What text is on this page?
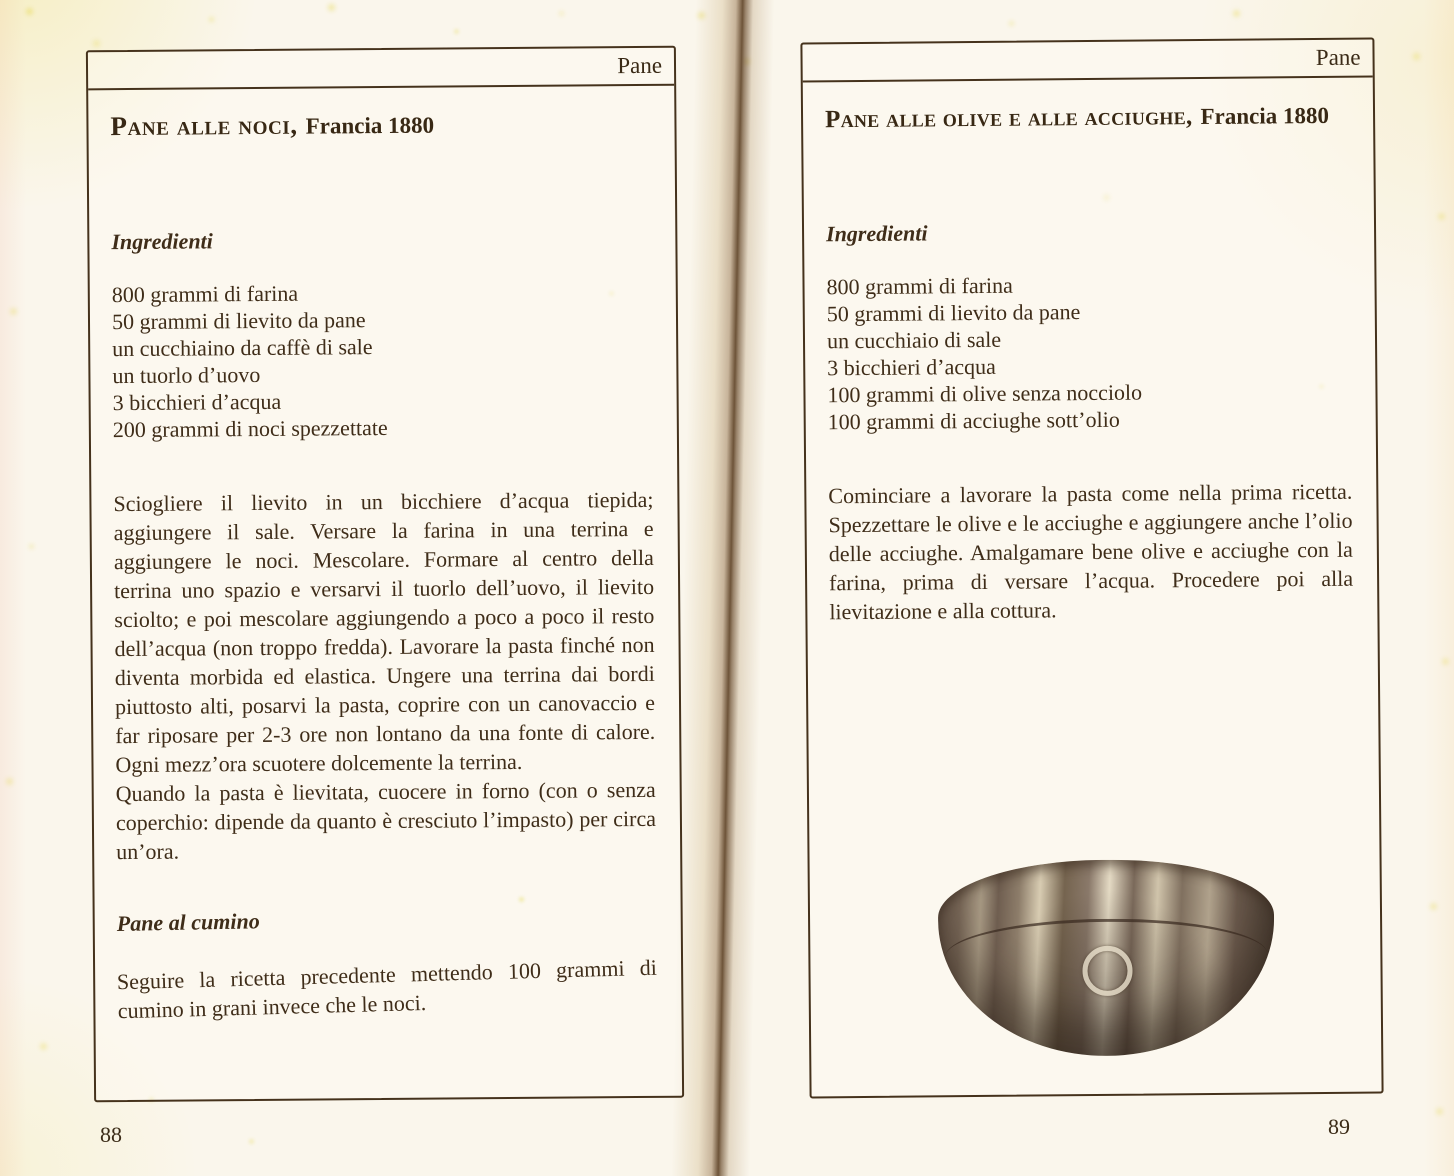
Pane
Pane alle noci, Francia 1880

Ingredienti

800 grammi di farina
50 grammi di lievito da pane
un cucchiaino da caffè di sale
un tuorlo d’uovo
3 bicchieri d’acqua
200 grammi di noci spezzettate

Sciogliere il lievito in un bicchiere d’acqua tiepida; aggiungere il sale. Versare la farina in una terrina e aggiungere le noci. Mescolare. Formare al centro della terrina uno spazio e versarvi il tuorlo dell’uovo, il lievito sciolto; e poi mescolare aggiungendo a poco a poco il resto dell’acqua (non troppo fredda). Lavorare la pasta finché non diventa morbida ed elastica. Ungere una terrina dai bordi piuttosto alti, posarvi la pasta, coprire con un canovaccio e far riposare per 2-3 ore non lontano da una fonte di calore. Ogni mezz’ora scuotere dolcemente la terrina.

Quando la pasta è lievitata, cuocere in forno (con o senza coperchio: dipende da quanto è cresciuto l’impasto) per circa un’ora.

Pane al cumino

Seguire la ricetta precedente mettendo 100 grammi di cumino in grani invece che le noci.

88
Pane
Pane alle olive e alle acciughe, Francia 1880

Ingredienti

800 grammi di farina
50 grammi di lievito da pane
un cucchiaio di sale
3 bicchieri d’acqua
100 grammi di olive senza nocciolo
100 grammi di acciughe sott’olio

Cominciare a lavorare la pasta come nella prima ricetta. Spezzettare le olive e le acciughe e aggiungere anche l’olio delle acciughe. Amalgamare bene olive e acciughe con la farina, prima di versare l’acqua. Procedere poi alla lievitazione e alla cottura.

89
